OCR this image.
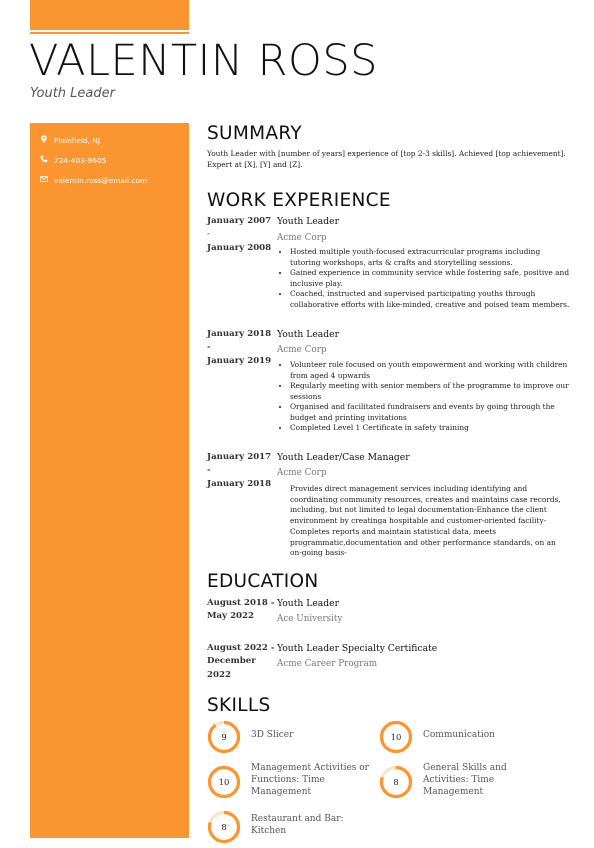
VALENTIN ROSS
Youth Leader
Plainfield, NJ
724-403-9605
valentin.ross@email.com
SUMMARY
Youth Leader with [number of years] experience of [top 2-3 skills]. Achieved [top achievement]. Expert at [X], [Y] and [Z].
WORK EXPERIENCE
January 2007
-
January 2008
Youth Leader
Acme Corp
• Hosted multiple youth-focused extracurricular programs including tutoring workshops, arts & crafts and storytelling sessions.
• Gained experience in community service while fostering safe, positive and inclusive play.
• Coached, instructed and supervised participating youths through collaborative efforts with like-minded, creative and poised team members.
January 2018 -
January 2019
Youth Leader
Acme Corp
• Volunteer role focused on youth empowerment and working with children from aged 4 upwards
• Regularly meeting with senior members of the programme to improve our sessions
• Organised and facilitated fundraisers and events by going through the budget and printing invitations
• Completed Level 1 Certificate in safety training
January 2017 -
January 2018
Youth Leader/Case Manager
Acme Corp

Provides direct management services including identifying and coordinating community resources, creates and maintains case records, including, but not limited to legal documentation-Enhance the client environment by creatinga hospitable and customer-oriented facility-Completes reports and maintain statistical data, meets programmatic,documentation and other performance standards, on an on-going basis-

EDUCATION
August 2018 -
May 2022
Youth Leader
Ace University
August 2022 -
December 2022
Youth Leader Specialty Certificate
Acme Career Program
SKILLS
9	3D Slicer	10	Communication
10
Management Activities or Functions: Time Management
8
General Skills and Activities: Time Management
8
Restaurant and Bar: Kitchen
